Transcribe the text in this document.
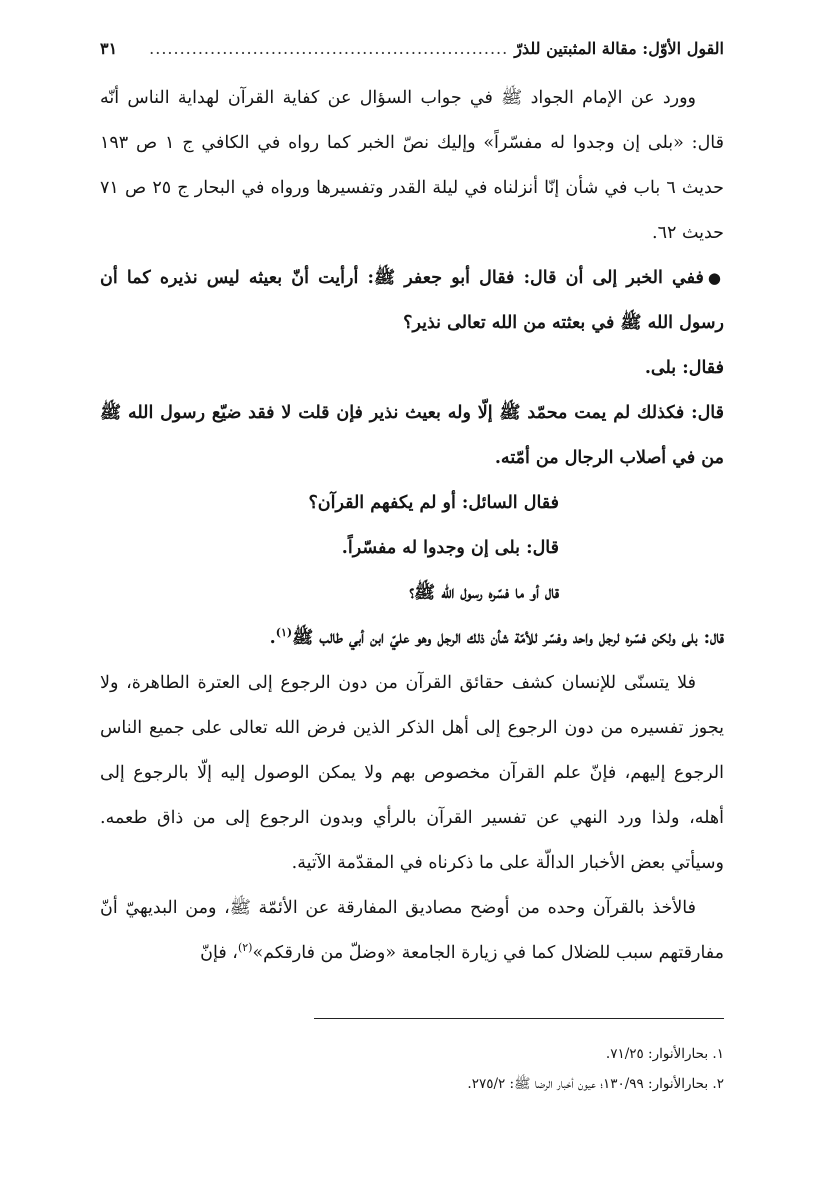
القول الأوّل: مقالة المثبتين للذرّ
...........................................................
٣١

وورد عن الإمام الجواد ﷺ في جواب السؤال عن كفاية القرآن لهداية الناس أنّه قال: «بلى إن وجدوا له مفسّراً» وإليك نصّ الخبر كما رواه في الكافي ج ١ ص ١٩٣ حديث ٦ باب في شأن إنّا أنزلناه في ليلة القدر وتفسيرها ورواه في البحار ج ٢٥ ص ٧١ حديث ٦٢.

●ففي الخبر إلى أن قال: فقال أبو جعفر ﷺ: أرأيت أنّ بعيثه ليس نذيره كما أن رسول الله ﷺ في بعثته من الله تعالى نذير؟

فقال: بلى.

قال: فكذلك لم يمت محمّد ﷺ إلّا وله بعيث نذير فإن قلت لا فقد ضيّع رسول الله ﷺ من في أصلاب الرجال من أمّته.

فقال السائل: أو لم يكفهم القرآن؟

قال: بلى إن وجدوا له مفسّراً.

قال أو ما فسّره رسول الله ﷺ؟

قال: بلى ولكن فسّره لرجل واحد وفسّر للأمّة شأن ذلك الرجل وهو عليّ ابن أبي طالب ﷺ$^{(١)}$.

فلا يتسنّى للإنسان كشف حقائق القرآن من دون الرجوع إلى العترة الطاهرة، ولا يجوز تفسيره من دون الرجوع إلى أهل الذكر الذين فرض الله تعالى على جميع الناس الرجوع إليهم، فإنّ علم القرآن مخصوص بهم ولا يمكن الوصول إليه إلّا بالرجوع إلى أهله، ولذا ورد النهي عن تفسير القرآن بالرأي وبدون الرجوع إلى من ذاق طعمه. وسيأتي بعض الأخبار الدالّة على ما ذكرناه في المقدّمة الآتية.

فالأخذ بالقرآن وحده من أوضح مصاديق المفارقة عن الأئمّة ﷺ، ومن البديهيّ أنّ مفارقتهم سبب للضلال كما في زيارة الجامعة «وضلّ من فارقكم»$^{(٢)}$، فإنّ

١. بحارالأنوار: ٧١/٢٥.

٢. بحارالأنوار: ١٣٠/٩٩؛ عيون أخبار الرضا ﷺ: ٢٧٥/٢.
